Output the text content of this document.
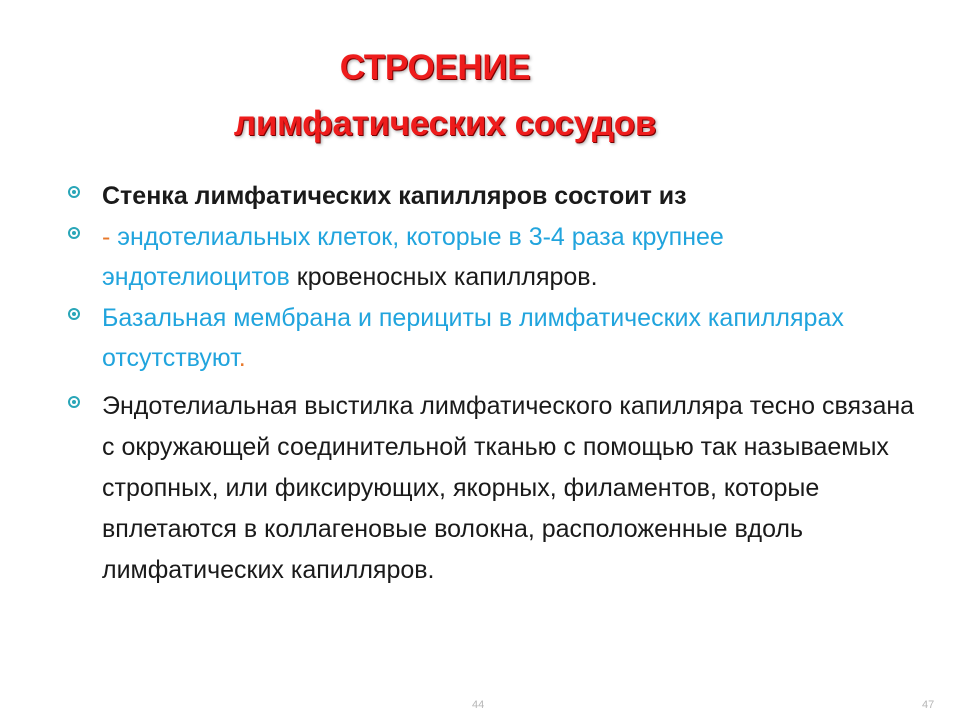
СТРОЕНИЕ
лимфатических сосудов
Стенка лимфатических капилляров состоит из
- эндотелиальных клеток, которые в 3-4 раза крупнее эндотелиоцитов кровеносных капилляров.
Базальная мембрана и перициты в лимфатических капиллярах отсутствуют.
Эндотелиальная выстилка лимфатического капилляра тесно связана с окружающей соединительной тканью с помощью так называемых стропных, или фиксирующих, якорных, филаментов, которые вплетаются в коллагеновые волокна, расположенные вдоль лимфатических капилляров.
44	47
